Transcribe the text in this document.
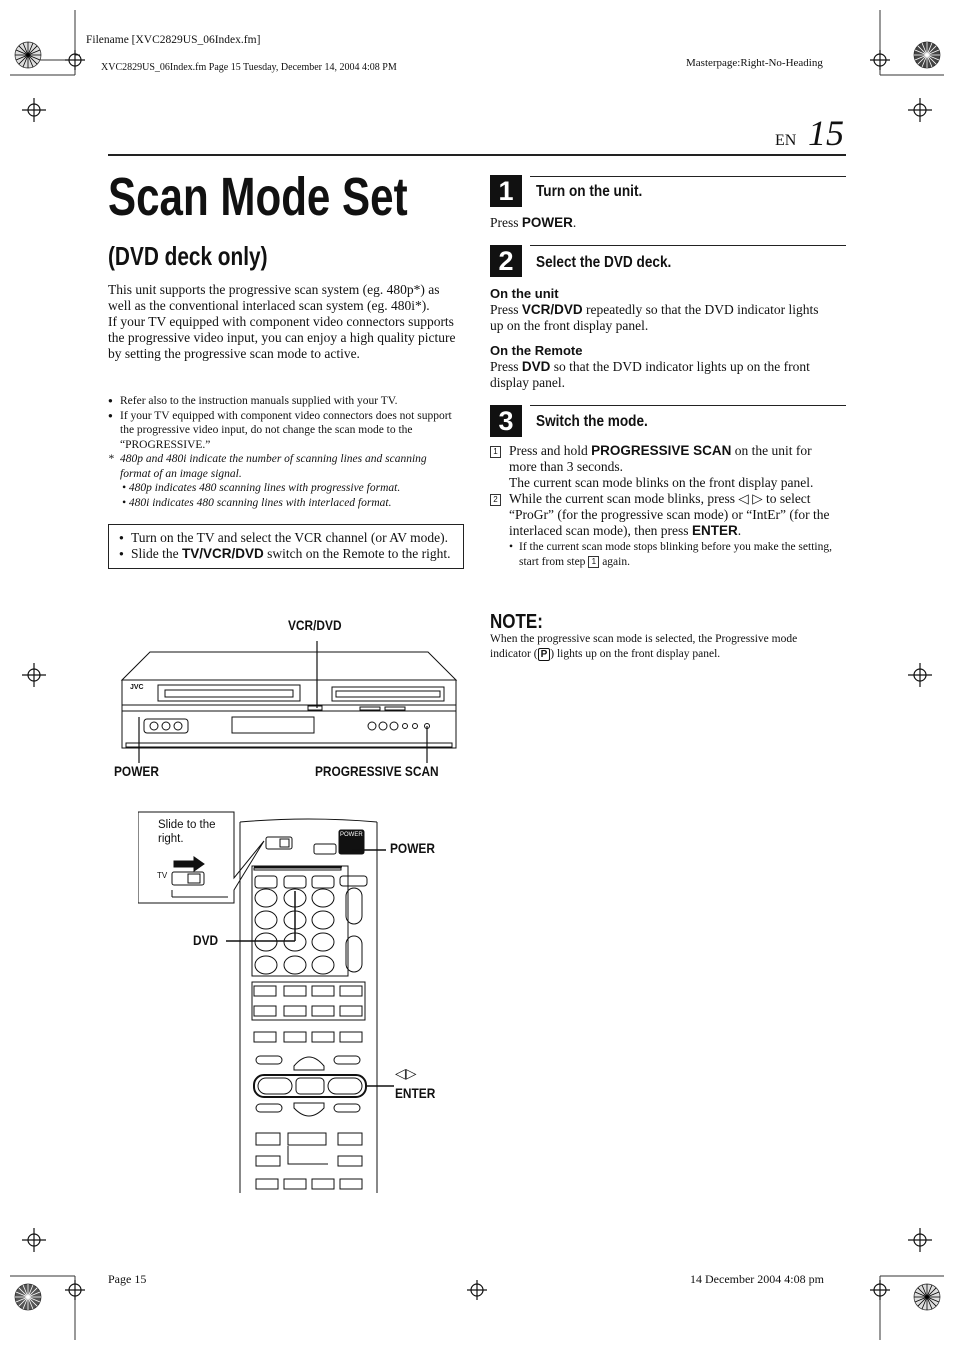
Filename [XVC2829US_06Index.fm]
XVC2829US_06Index.fm Page 15 Tuesday, December 14, 2004 4:08 PM	Masterpage:Right-No-Heading
EN 15
Scan Mode Set
(DVD deck only)

This unit supports the progressive scan system (eg. 480p*) as well as the conventional interlaced scan system (eg. 480i*).

If your TV equipped with component video connectors supports the progressive video input, you can enjoy a high quality picture by setting the progressive scan mode to active.

● Refer also to the instruction manuals supplied with your TV.
● If your TV equipped with component video connectors does not support the progressive video input, do not change the scan mode to the “PROGRESSIVE.”
* 480p and 480i indicate the number of scanning lines and scanning format of an image signal.
• 480p indicates 480 scanning lines with progressive format.
• 480i indicates 480 scanning lines with interlaced format.
● Turn on the TV and select the VCR channel (or AV mode).
● Slide the TV/VCR/DVD switch on the Remote to the right.
VCR/DVD
JVC
POWER	PROGRESSIVE SCAN
Slide to the
right.
TV
POWER
POWER
DVD
◁▷
ENTER
1	Turn on the unit.
Press POWER.
2	Select the DVD deck.

On the unit

Press VCR/DVD repeatedly so that the DVD indicator lights up on the front display panel.

On the Remote

Press DVD so that the DVD indicator lights up on the front display panel.

3	Switch the mode.
1 Press and hold PROGRESSIVE SCAN on the unit for more than 3 seconds.
The current scan mode blinks on the front display panel.
2 While the current scan mode blinks, press ◁ ▷ to select “ProGr” (for the progressive scan mode) or “IntEr” (for the interlaced scan mode), then press ENTER.
• If the current scan mode stops blinking before you make the setting, start from step 1 again.
NOTE:
When the progressive scan mode is selected, the Progressive mode indicator ( P ) lights up on the front display panel.
Page 15	14 December 2004 4:08 pm
